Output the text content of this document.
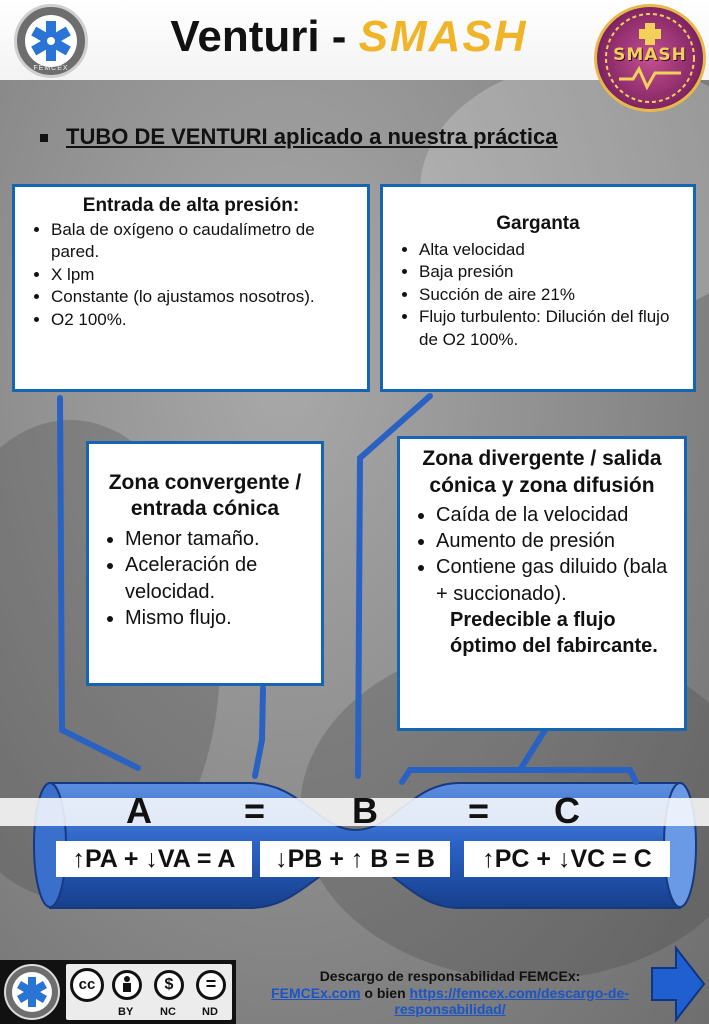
FEMCEX
Venturi - SMASH	SMASH
TUBO DE VENTURI aplicado a nuestra práctica
Entrada de alta presión:
• Bala de oxígeno o caudalímetro de pared.
• X lpm
• Constante (lo ajustamos nosotros).
• O2 100%.
Garganta
• Alta velocidad
• Baja presión
• Succión de aire 21%
• Flujo turbulento: Dilución del flujo de O2 100%.
Zona convergente / entrada cónica
• Menor tamaño.
• Aceleración de velocidad.
• Mismo flujo.
Zona divergente / salida cónica y zona difusión
• Caída de la velocidad
• Aumento de presión
• Contiene gas diluido (bala + succionado).
Predecible a flujo óptimo del fabircante.
A	= B	= C
↑PA + ↓VA = A	↓PB + ↑ B = B	↑PC + ↓VC = C
cc	$	=
BY NC ND
Descargo de responsabilidad FEMCEx:
FEMCEx.com o bien https://femcex.com/descargo-de-responsabilidad/
